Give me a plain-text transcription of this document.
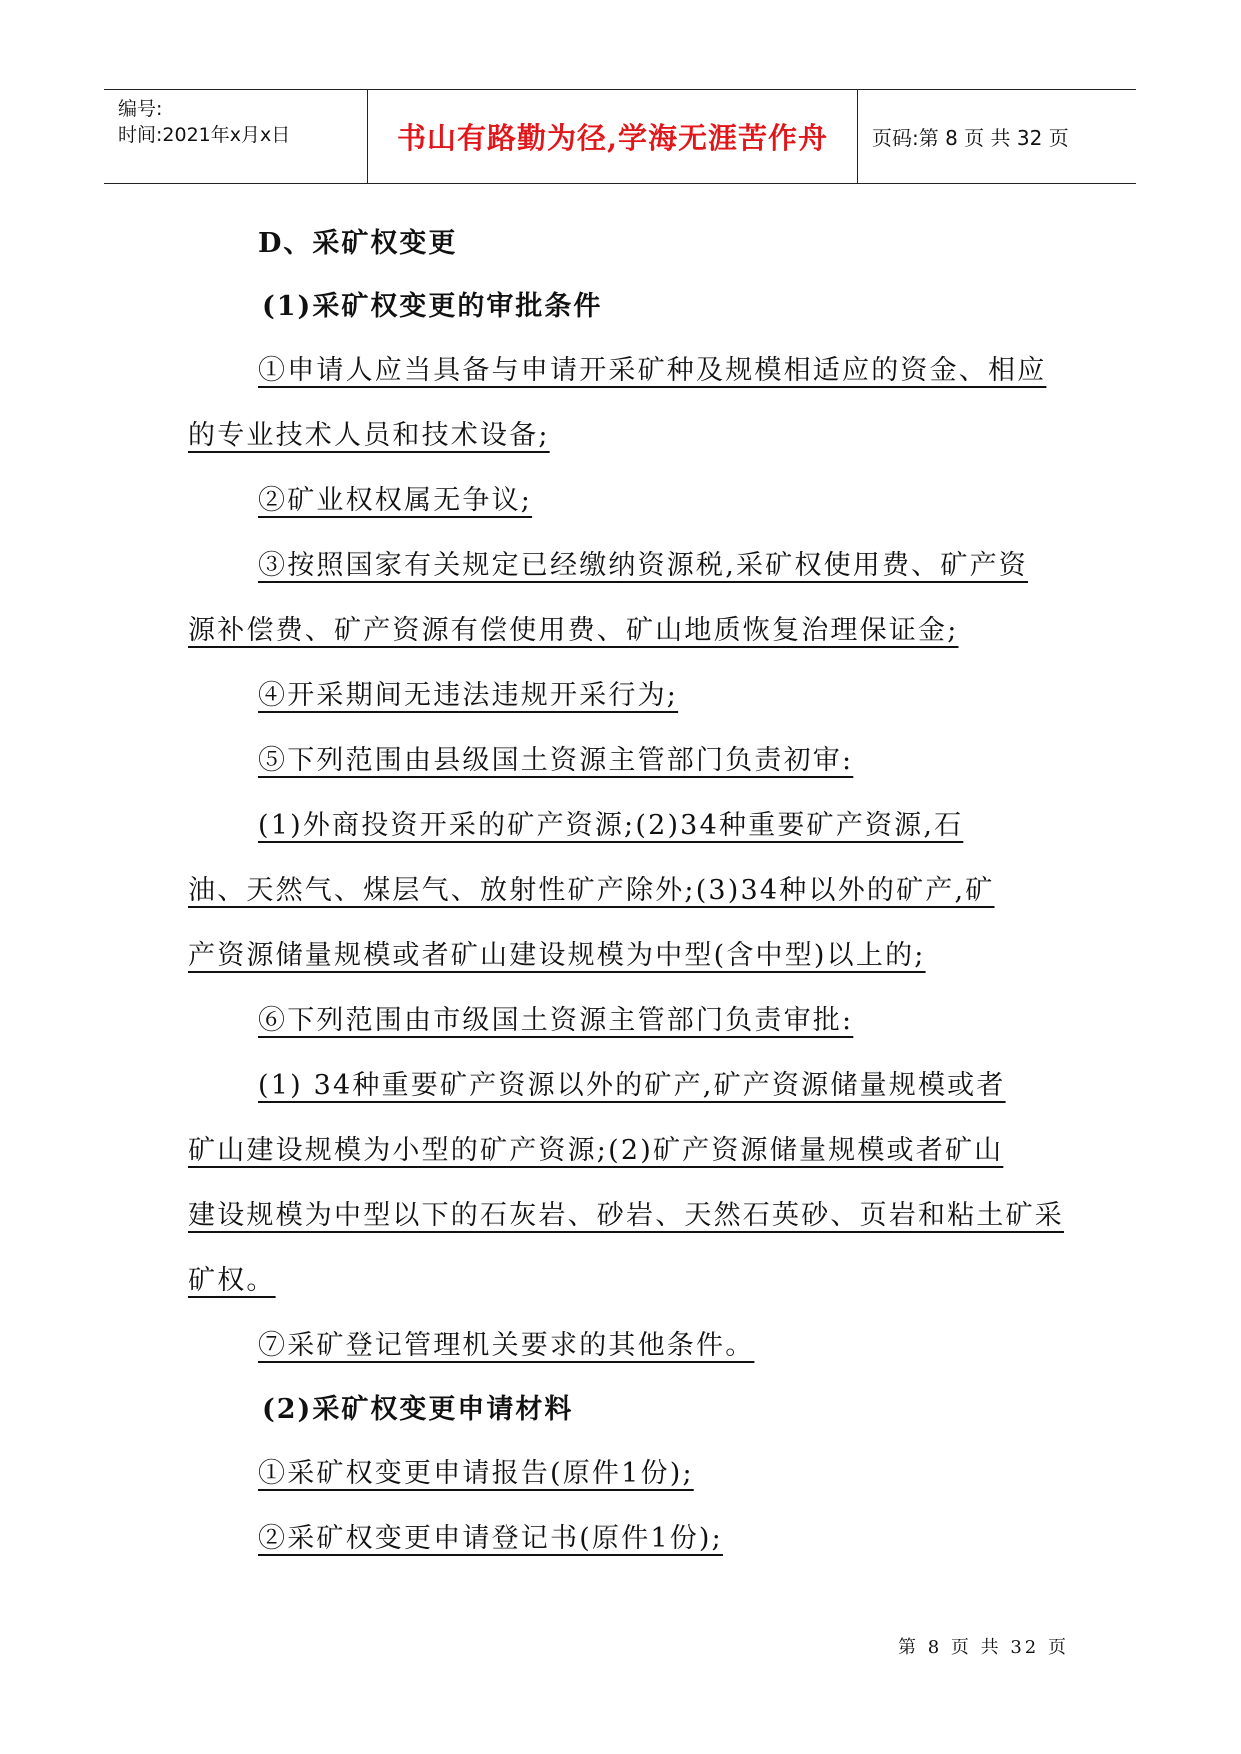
编号:
时间:2021年x月x日	书山有路勤为径,学海无涯苦作舟 页码:第 8 页 共 32 页
D、采矿权变更
(1)采矿权变更的审批条件
①申请人应当具备与申请开采矿种及规模相适应的资金、相应
的专业技术人员和技术设备;
②矿业权权属无争议;
③按照国家有关规定已经缴纳资源税,采矿权使用费、矿产资
源补偿费、矿产资源有偿使用费、矿山地质恢复治理保证金;
④开采期间无违法违规开采行为;
⑤下列范围由县级国土资源主管部门负责初审:
(1)外商投资开采的矿产资源;(2)34种重要矿产资源,石
油、天然气、煤层气、放射性矿产除外;(3)34种以外的矿产,矿
产资源储量规模或者矿山建设规模为中型(含中型)以上的;
⑥下列范围由市级国土资源主管部门负责审批:
(1) 34种重要矿产资源以外的矿产,矿产资源储量规模或者
矿山建设规模为小型的矿产资源;(2)矿产资源储量规模或者矿山
建设规模为中型以下的石灰岩、砂岩、天然石英砂、页岩和粘土矿采
矿权。
⑦采矿登记管理机关要求的其他条件。
(2)采矿权变更申请材料
①采矿权变更申请报告(原件1份);
②采矿权变更申请登记书(原件1份);
第 8 页 共 32 页
